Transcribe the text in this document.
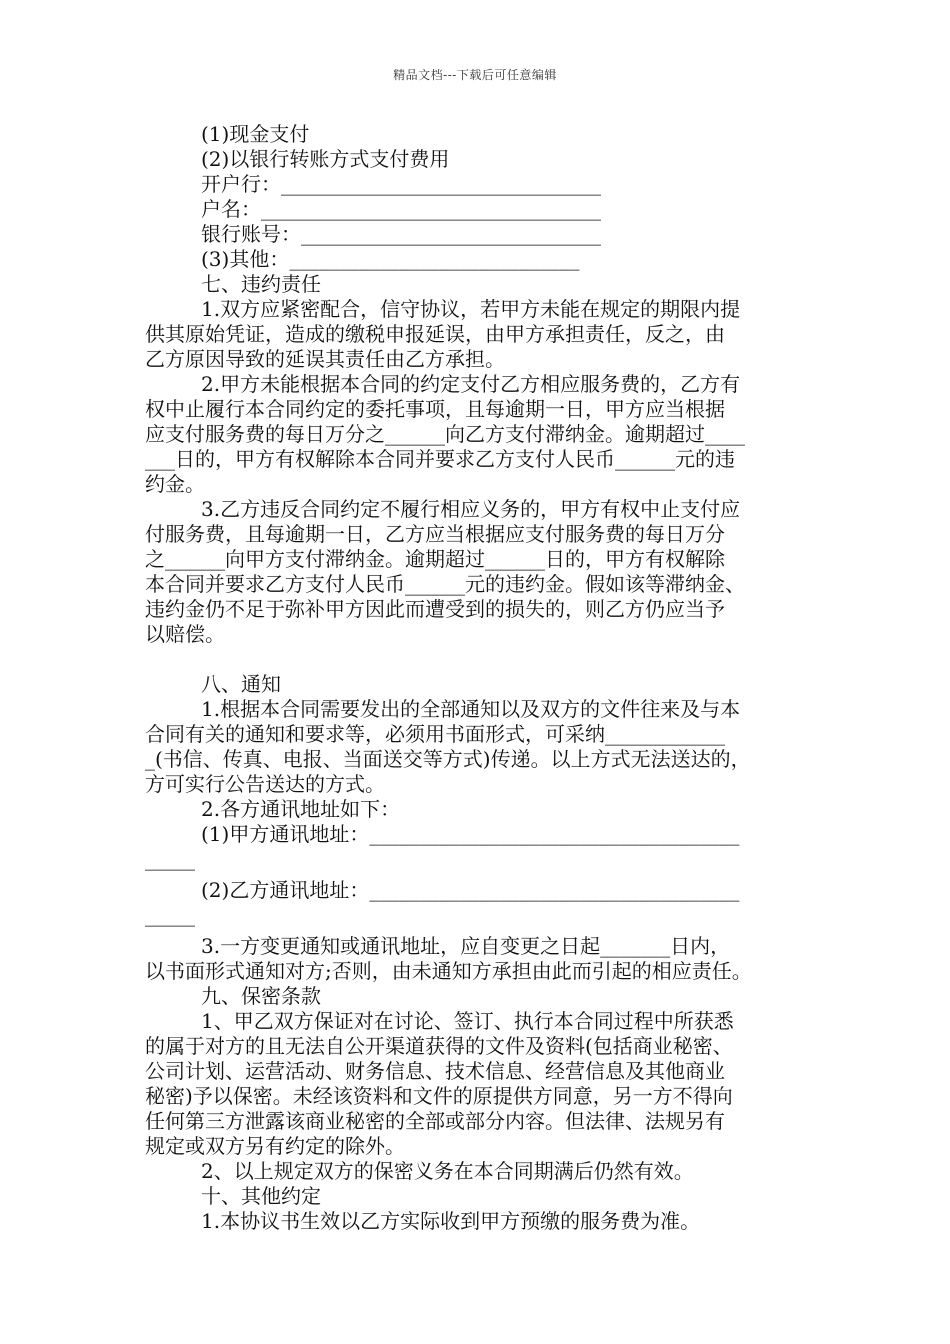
精品文档---下载后可任意编辑
(1)现金支付
(2)以银行转账方式支付费用
开户行：________________________________
户名：__________________________________
银行账号：______________________________
(3)其他：_____________________________
七、违约责任
1.双方应紧密配合，信守协议，若甲方未能在规定的期限内提
供其原始凭证，造成的缴税申报延误，由甲方承担责任，反之，由
乙方原因导致的延误其责任由乙方承担。
2.甲方未能根据本合同的约定支付乙方相应服务费的，乙方有
权中止履行本合同约定的委托事项，且每逾期一日，甲方应当根据
应支付服务费的每日万分之______向乙方支付滞纳金。逾期超过____
___日的，甲方有权解除本合同并要求乙方支付人民币______元的违
约金。
3.乙方违反合同约定不履行相应义务的，甲方有权中止支付应
付服务费，且每逾期一日，乙方应当根据应支付服务费的每日万分
之______向甲方支付滞纳金。逾期超过______日的，甲方有权解除
本合同并要求乙方支付人民币______元的违约金。假如该等滞纳金、
违约金仍不足于弥补甲方因此而遭受到的损失的，则乙方仍应当予
以赔偿。
八、通知
1.根据本合同需要发出的全部通知以及双方的文件往来及与本
合同有关的通知和要求等，必须用书面形式，可采纳____________
_(书信、传真、电报、当面送交等方式)传递。以上方式无法送达的，
方可实行公告送达的方式。
2.各方通讯地址如下：
(1)甲方通讯地址：_____________________________________
_____
(2)乙方通讯地址：_____________________________________
_____
3.一方变更通知或通讯地址，应自变更之日起_______日内，
以书面形式通知对方;否则，由未通知方承担由此而引起的相应责任。
九、保密条款
1、甲乙双方保证对在讨论、签订、执行本合同过程中所获悉
的属于对方的且无法自公开渠道获得的文件及资料(包括商业秘密、
公司计划、运营活动、财务信息、技术信息、经营信息及其他商业
秘密)予以保密。未经该资料和文件的原提供方同意，另一方不得向
任何第三方泄露该商业秘密的全部或部分内容。但法律、法规另有
规定或双方另有约定的除外。
2、以上规定双方的保密义务在本合同期满后仍然有效。
十、其他约定
1.本协议书生效以乙方实际收到甲方预缴的服务费为准。
